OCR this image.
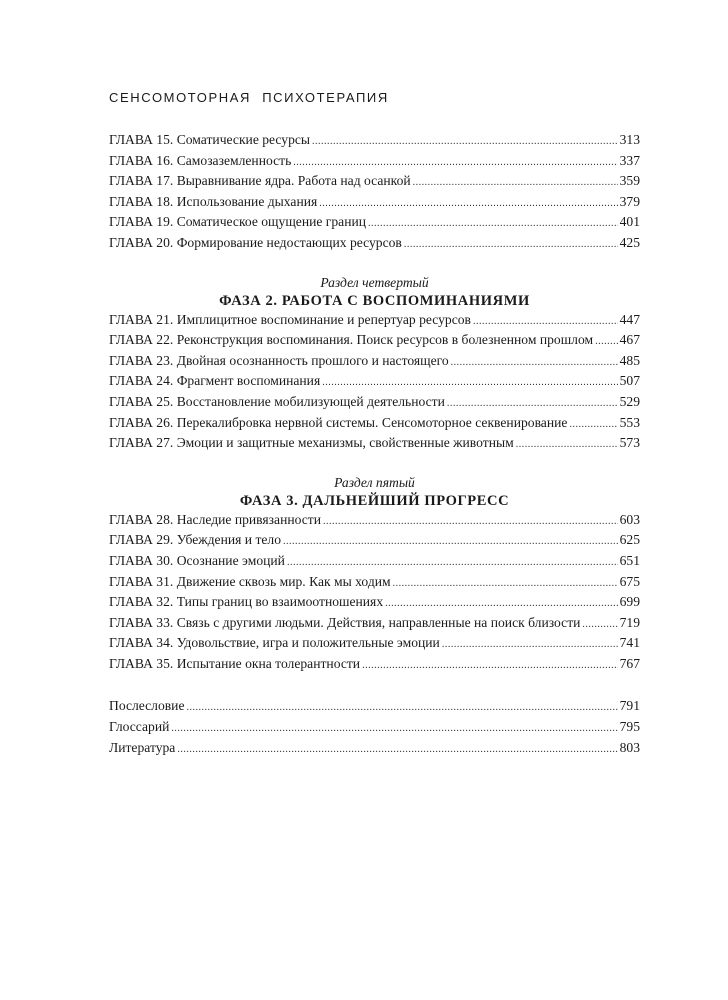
СЕНСОМОТОРНАЯ ПСИХОТЕРАПИЯ
ГЛАВА 15. Соматические ресурсы .....	313
ГЛАВА 16. Самозаземленность .....	337
ГЛАВА 17. Выравнивание ядра. Работа над осанкой .....	359
ГЛАВА 18. Использование дыхания .....	379
ГЛАВА 19. Соматическое ощущение границ .....	401
ГЛАВА 20. Формирование недостающих ресурсов .....	425
Раздел четвертый
ФАЗА 2. РАБОТА С ВОСПОМИНАНИЯМИ
ГЛАВА 21. Имплицитное воспоминание и репертуар ресурсов .....	447
ГЛАВА 22. Реконструкция воспоминания. Поиск ресурсов в болезненном прошлом ..... 467
ГЛАВА 23. Двойная осознанность прошлого и настоящего .....	485
ГЛАВА 24. Фрагмент воспоминания .....	507
ГЛАВА 25. Восстановление мобилизующей деятельности .....	529
ГЛАВА 26. Перекалибровка нервной системы. Сенсомоторное секвенирование .....	553
ГЛАВА 27. Эмоции и защитные механизмы, свойственные животным .....	573
Раздел пятый
ФАЗА 3. ДАЛЬНЕЙШИЙ ПРОГРЕСС
ГЛАВА 28. Наследие привязанности .....	603
ГЛАВА 29. Убеждения и тело .....	625
ГЛАВА 30. Осознание эмоций .....	651
ГЛАВА 31. Движение сквозь мир. Как мы ходим .....	675
ГЛАВА 32. Типы границ во взаимоотношениях .....	699
ГЛАВА 33. Связь с другими людьми. Действия, направленные на поиск близости .....	719
ГЛАВА 34. Удовольствие, игра и положительные эмоции .....	741
ГЛАВА 35. Испытание окна толерантности .....	767
Послесловие .....	791
Глоссарий .....	795
Литература .....	803
